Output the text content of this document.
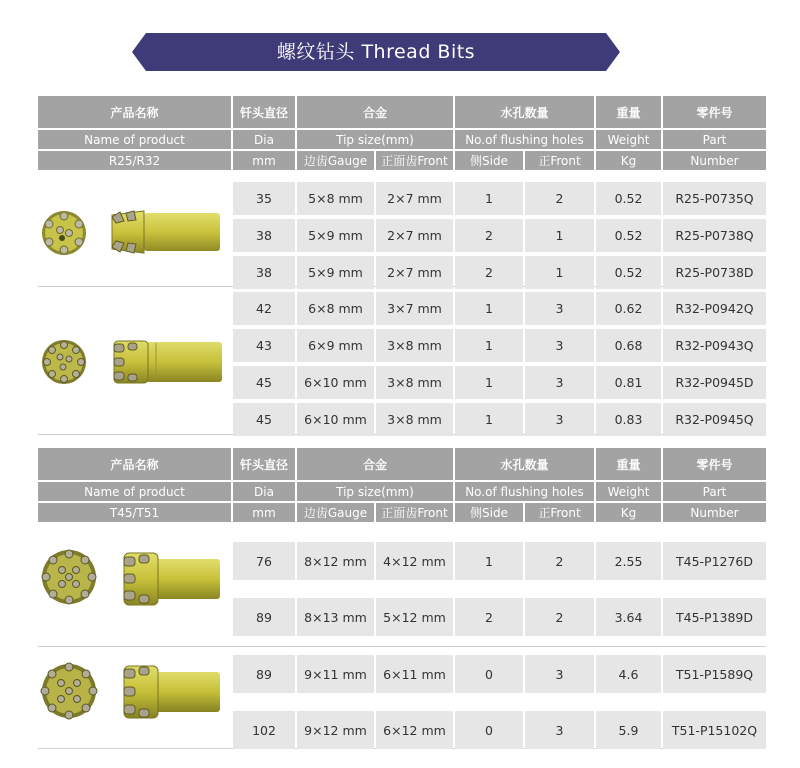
螺纹钻头 Thread Bits
产品名称	钎头直径	合金	水孔数量	重量	零件号
Name of product	Dia	Tip size(mm)	No.of flushing holes	Weight	Part
R25/R32	mm	边齿Gauge	正面齿Front	侧Side	正Front	Kg	Number
产品名称	钎头直径	合金	水孔数量	重量	零件号
Name of product	Dia	Tip size(mm)	No.of flushing holes	Weight	Part
T45/T51	mm	边齿Gauge	正面齿Front	侧Side	正Front	Kg	Number
35	5×8 mm	2×7 mm	1	2	0.52	R25-P0735Q
38	5×9 mm	2×7 mm	2	1	0.52	R25-P0738Q
38	5×9 mm	2×7 mm	2	1	0.52	R25-P0738D
42	6×8 mm	3×7 mm	1	3	0.62	R32-P0942Q
43	6×9 mm	3×8 mm	1	3	0.68	R32-P0943Q
45	6×10 mm	3×8 mm	1	3	0.81	R32-P0945D
45	6×10 mm	3×8 mm	1	3	0.83	R32-P0945Q
76	8×12 mm	4×12 mm	1	2	2.55	T45-P1276D
89	8×13 mm	5×12 mm	2	2	3.64	T45-P1389D
89	9×11 mm	6×11 mm	0	3	4.6	T51-P1589Q
102	9×12 mm	6×12 mm	0	3	5.9	T51-P15102Q
